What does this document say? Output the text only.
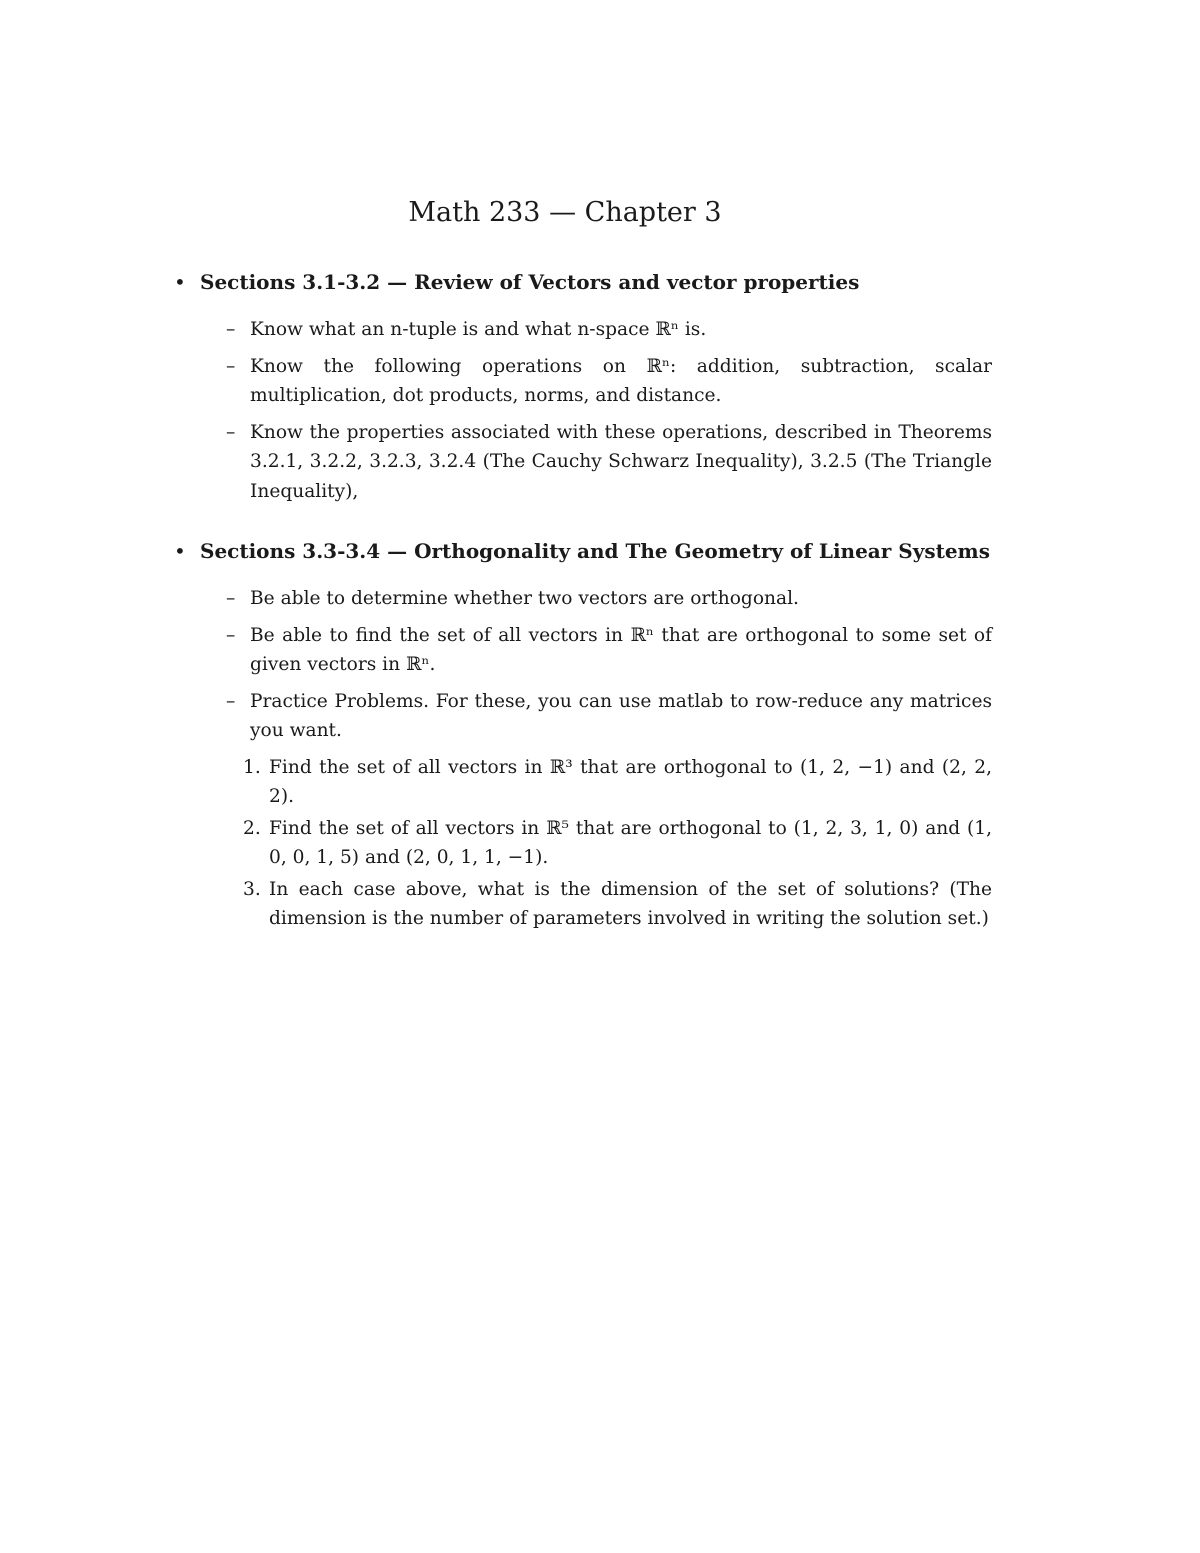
Math 233 — Chapter 3
• Sections 3.1-3.2 — Review of Vectors and vector properties
– Know what an n-tuple is and what n-space ℝⁿ is.
– Know the following operations on ℝⁿ: addition, subtraction, scalar multiplication, dot products, norms, and distance.
– Know the properties associated with these operations, described in Theorems 3.2.1, 3.2.2, 3.2.3, 3.2.4 (The Cauchy Schwarz Inequality), 3.2.5 (The Triangle Inequality),
• Sections 3.3-3.4 — Orthogonality and The Geometry of Linear Systems
– Be able to determine whether two vectors are orthogonal.
– Be able to find the set of all vectors in ℝⁿ that are orthogonal to some set of given vectors in ℝⁿ.
– Practice Problems. For these, you can use matlab to row-reduce any matrices you want.
1. Find the set of all vectors in ℝ³ that are orthogonal to (1, 2, −1) and (2, 2, 2).
2. Find the set of all vectors in ℝ⁵ that are orthogonal to (1, 2, 3, 1, 0) and (1, 0, 0, 1, 5) and (2, 0, 1, 1, −1).
3. In each case above, what is the dimension of the set of solutions? (The dimension is the number of parameters involved in writing the solution set.)
